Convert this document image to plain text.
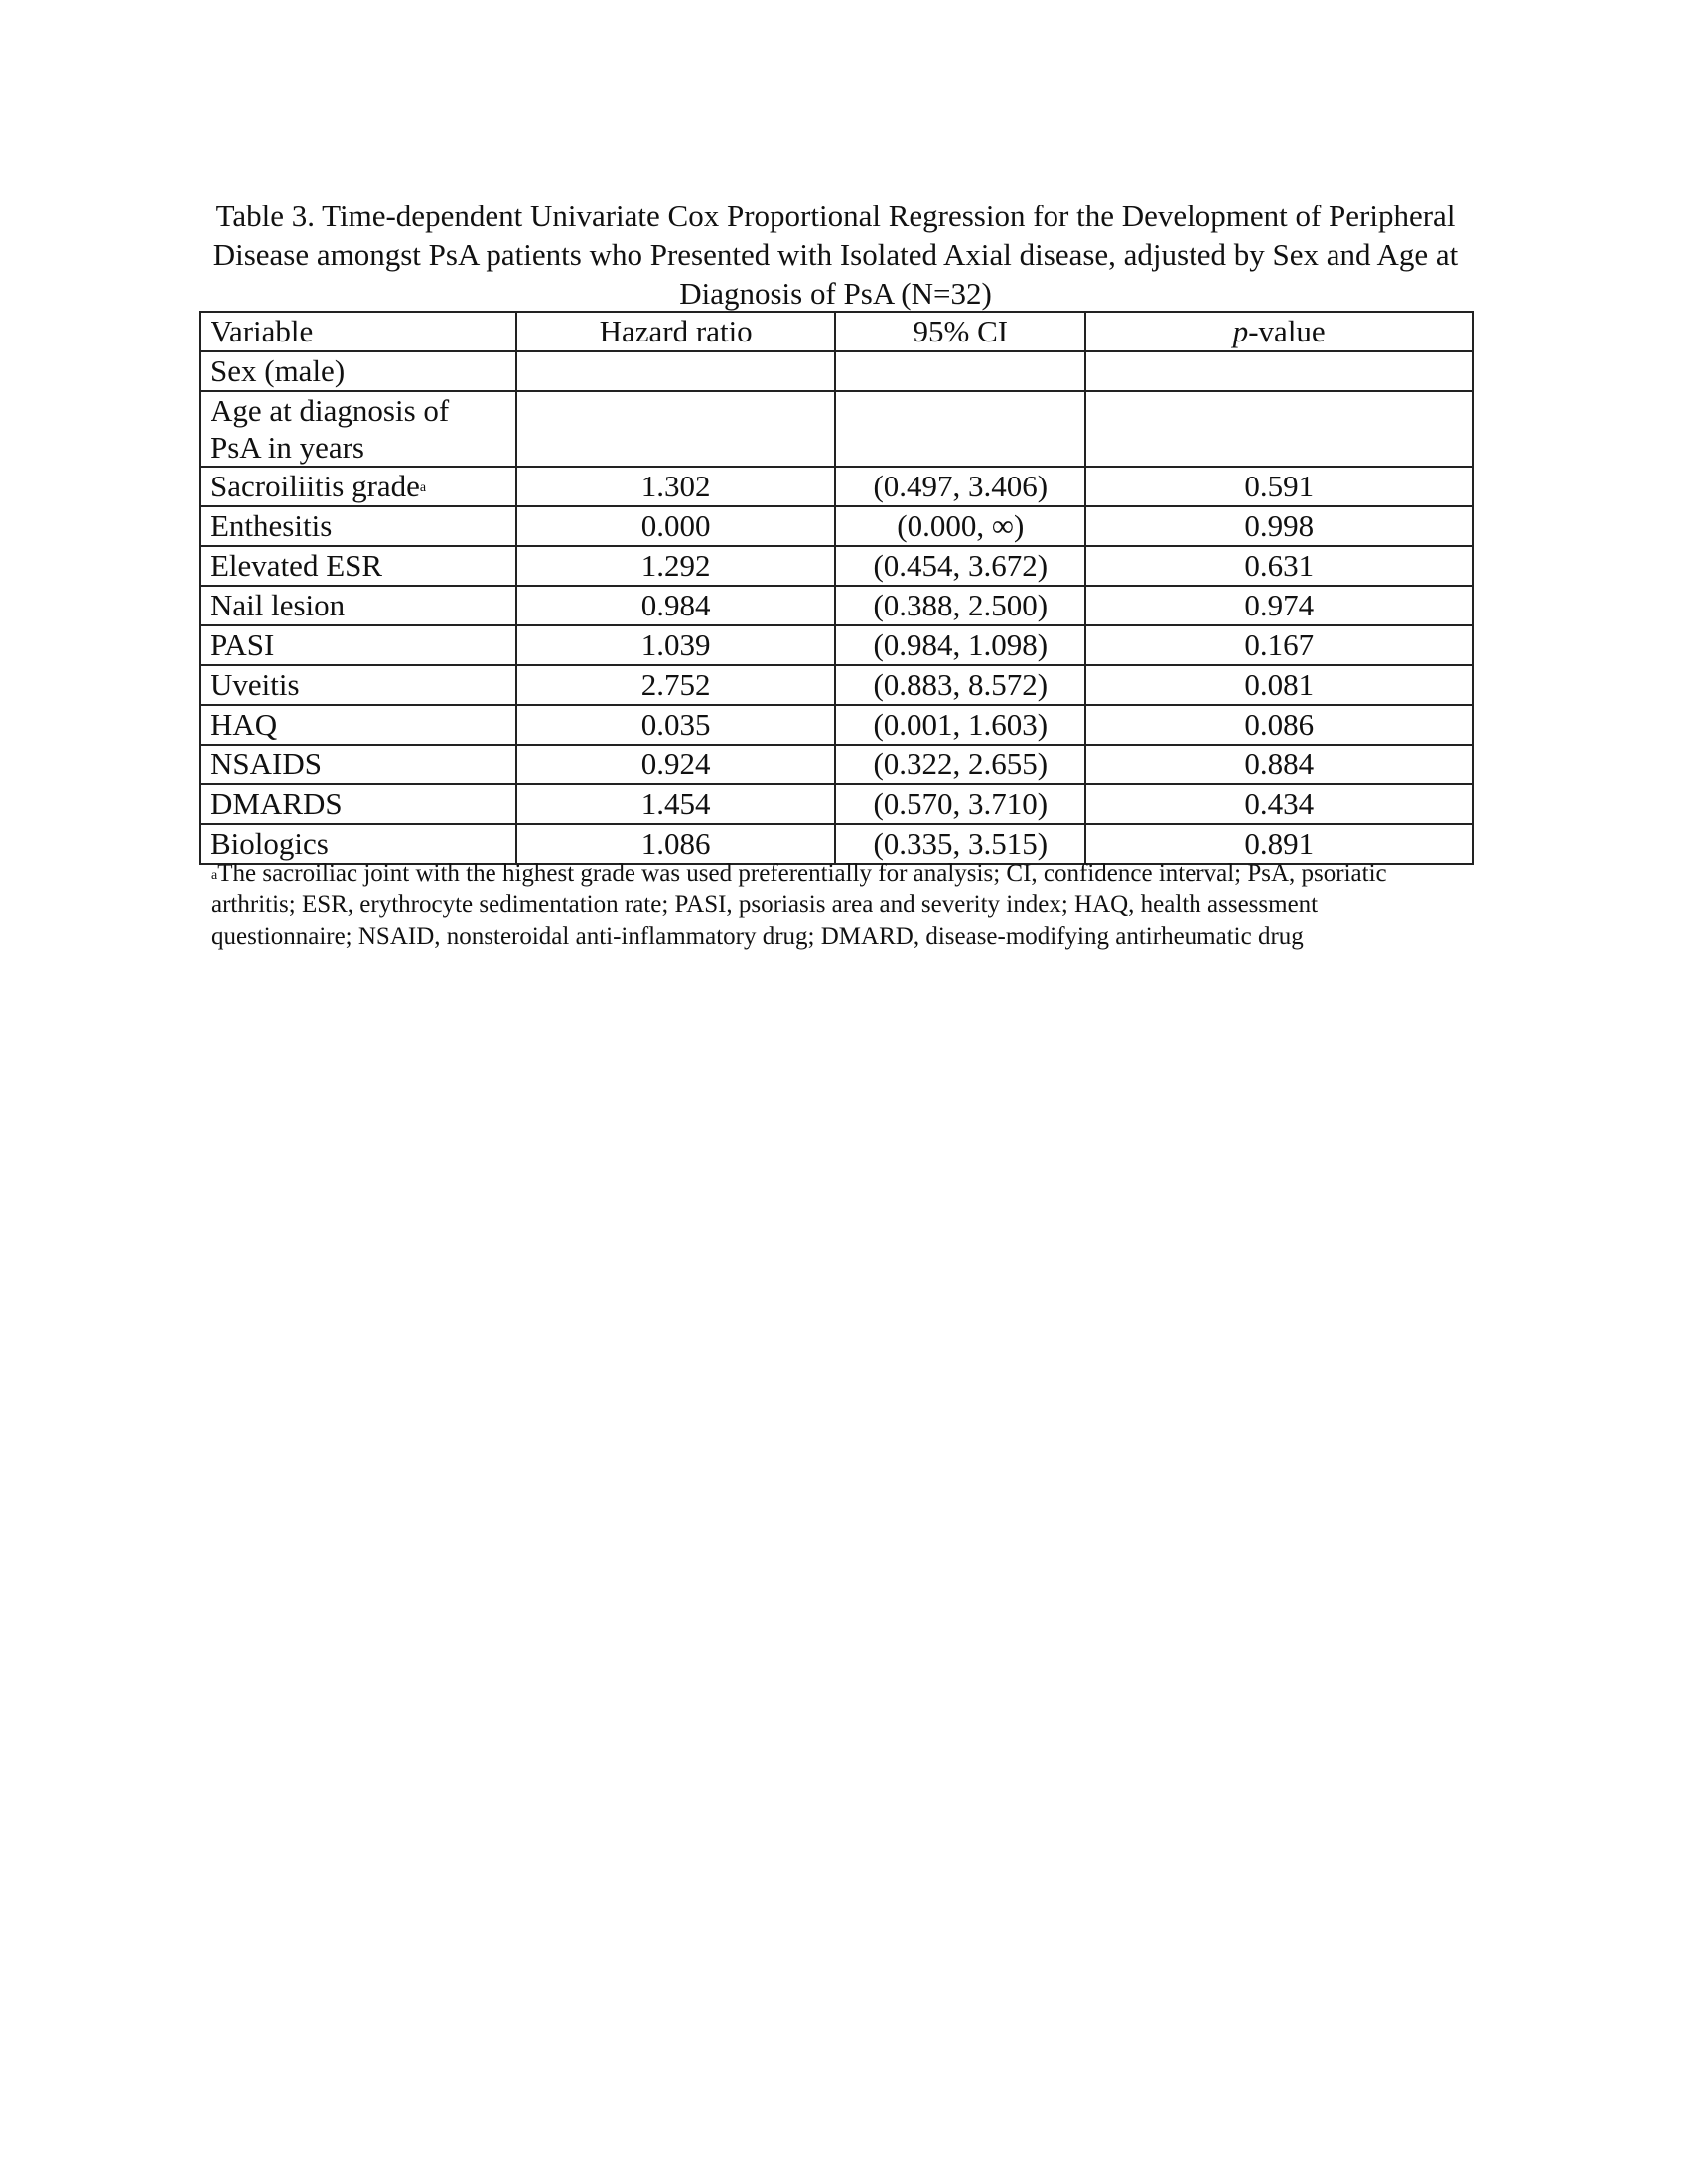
Table 3. Time-dependent Univariate Cox Proportional Regression for the Development of Peripheral Disease amongst PsA patients who Presented with Isolated Axial disease, adjusted by Sex and Age at Diagnosis of PsA (N=32)
Variable	Hazard ratio	95% CI	p-value
Sex (male)			
Age at diagnosis of PsA in years			
Sacroiliitis grade$^a$	1.302	(0.497, 3.406)	0.591
Enthesitis	0.000	(0.000, ∞)	0.998
Elevated ESR	1.292	(0.454, 3.672)	0.631
Nail lesion	0.984	(0.388, 2.500)	0.974
PASI	1.039	(0.984, 1.098)	0.167
Uveitis	2.752	(0.883, 8.572)	0.081
HAQ	0.035	(0.001, 1.603)	0.086
NSAIDS	0.924	(0.322, 2.655)	0.884
DMARDS	1.454	(0.570, 3.710)	0.434
Biologics	1.086	(0.335, 3.515)	0.891
$^a$The sacroiliac joint with the highest grade was used preferentially for analysis; CI, confidence interval; PsA, psoriatic arthritis; ESR, erythrocyte sedimentation rate; PASI, psoriasis area and severity index; HAQ, health assessment questionnaire; NSAID, nonsteroidal anti-inflammatory drug; DMARD, disease-modifying antirheumatic drug
